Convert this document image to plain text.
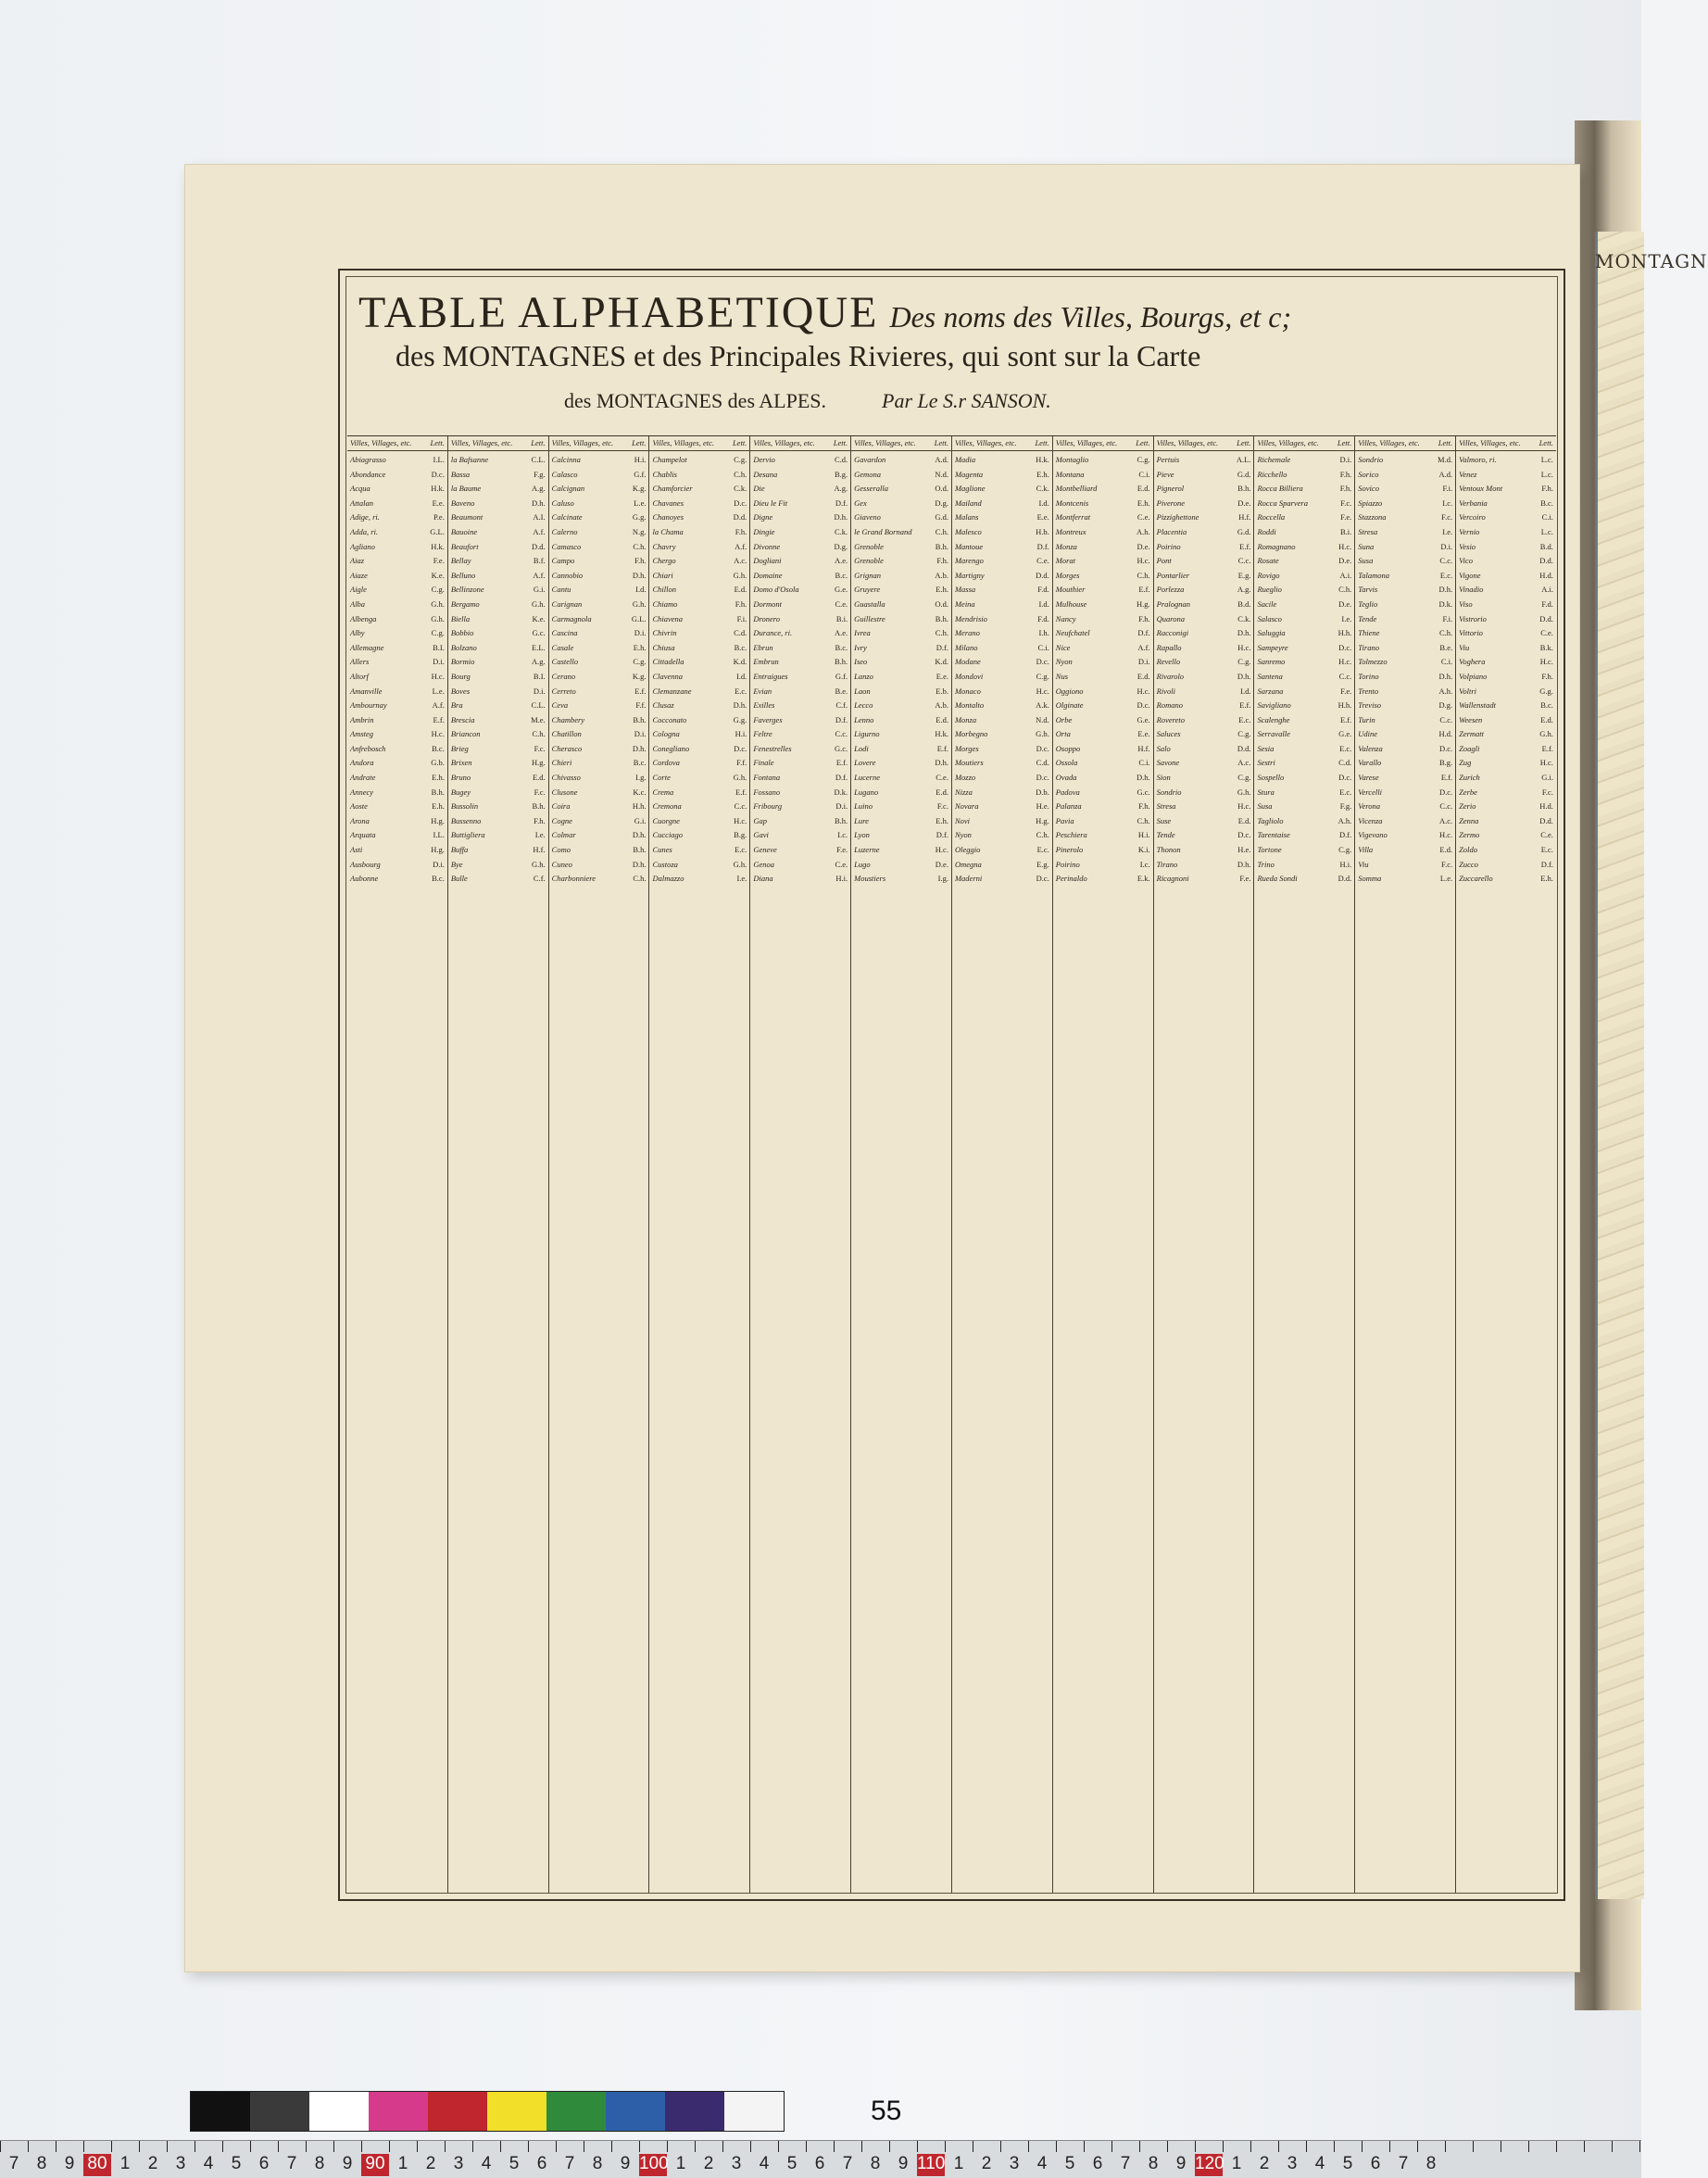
MONTAGN
TABLE ALPHABETIQUE Des noms des Villes, Bourgs, et c;
des MONTAGNES et des Principales Rivieres, qui sont sur la Carte
des MONTAGNES des ALPES.	Par Le S.r SANSON.
Villes, Villages, etc. Lett.
Abiagrasso	I.L.
Abondance	D.c.
Acqua	H.k.
Attalan	E.e.
Adige, ri.	P.e.
Adda, ri.	G.L.
Agliano	H.k.
Aiaz	F.e.
Aiaze	K.e.
Aigle	C.g.
Alba	G.h.
Albenga	G.h.
Alby	C.g.
Allemagne	B.I.
Allers	D.i.
Altorf	H.c.
Amanville	L.e.
Ambournay	A.f.
Ambrin	E.f.
Amsteg	H.c.
Anfrebosch	B.c.
Andora	G.b.
Andrate	E.h.
Annecy	B.h.
Aoste	E.h.
Arona	H.g.
Arquata	I.L.
Asti	H.g.
Ausbourg	D.i.
Aubonne	B.c.
Villes, Villages, etc. Lett.
la Bafsanne	C.L.
Bassa	F.g.
la Baume	A.g.
Baveno	D.h.
Beaumont	A.I.
Bauoine	A.f.
Beaufort	D.d.
Bellay	B.f.
Belluno	A.f.
Bellinzone	G.i.
Bergamo	G.h.
Biella	K.e.
Bobbio	G.c.
Bolzano	E.L.
Bormio	A.g.
Bourg	B.I.
Boves	D.i.
Bra	C.L.
Brescia	M.e.
Briancon	C.h.
Brieg	F.c.
Brixen	H.g.
Bruno	E.d.
Bugey	F.c.
Bussolin	B.h.
Bussenno	F.h.
Buttigliera	I.e.
Buffa	H.f.
Bye	G.h.
Bulle	C.f.
Villes, Villages, etc. Lett.
Calcinna	H.i.
Calasco	G.f.
Calcignan	K.g.
Caluso	L.e.
Calcinate	G.g.
Calerno	N.g.
Camasco	C.h.
Campo	F.h.
Cannobio	D.h.
Cantu	I.d.
Carignan	G.h.
Carmagnola	G.L.
Cascina	D.i.
Casale	E.h.
Castello	C.g.
Cerano	K.g.
Cerreto	E.f.
Ceva	F.f.
Chambery	B.h.
Chatillon	D.i.
Cherasco	D.h.
Chieri	B.c.
Chivasso	I.g.
Clusone	K.c.
Coira	H.h.
Cogne	G.i.
Colmar	D.h.
Como	B.h.
Cuneo	D.h.
Charbonniere	C.h.
Villes, Villages, etc. Lett.
Champelot	C.g.
Chablis	C.h.
Chamforcier	C.k.
Chavanes	D.c.
Chanoyes	D.d.
la Chama	F.h.
Chavry	A.f.
Chergo	A.c.
Chiari	G.h.
Chillon	E.d.
Chiamo	F.h.
Chiavena	F.i.
Chivrin	C.d.
Chiusa	B.c.
Cittadella	K.d.
Clavenna	I.d.
Clemanzane	E.c.
Clusaz	D.h.
Cocconato	G.g.
Cologna	H.i.
Conegliano	D.c.
Cordova	F.f.
Corte	G.h.
Crema	E.f.
Cremona	C.c.
Cuorgne	H.c.
Cucciago	B.g.
Cunes	E.c.
Custoza	G.h.
Dalmazzo	I.e.
Villes, Villages, etc. Lett.
Dervio	C.d.
Desana	B.g.
Die	A.g.
Dieu le Fit	D.f.
Digne	D.h.
Dingie	C.k.
Divonne	D.g.
Dogliani	A.e.
Domaine	B.c.
Domo d'Osola	G.e.
Dormont	C.e.
Dronero	B.i.
Durance, ri.	A.e.
Ebrun	B.c.
Embrun	B.h.
Entraigues	G.f.
Evian	B.e.
Exilles	C.f.
Faverges	D.f.
Feltre	C.c.
Fenestrelles	G.c.
Finale	E.f.
Fontana	D.f.
Fossano	D.k.
Fribourg	D.i.
Gap	B.h.
Gavi	I.c.
Geneve	F.e.
Genoa	C.e.
Diana	H.i.
Villes, Villages, etc. Lett.
Gavardon	A.d.
Gemona	N.d.
Gesseralla	O.d.
Gex	D.g.
Giaveno	G.d.
le Grand Bornand	C.h.
Grenoble	B.h.
Grenoble	F.h.
Grignan	A.b.
Gruyere	E.h.
Guastalla	O.d.
Guillestre	B.h.
Ivrea	C.h.
Ivry	D.f.
Iseo	K.d.
Lanzo	E.e.
Laon	E.b.
Lecco	A.b.
Lenno	E.d.
Ligurno	H.k.
Lodi	E.f.
Lovere	D.h.
Lucerne	C.e.
Lugano	E.d.
Luino	F.c.
Lure	E.h.
Lyon	D.f.
Luzerne	H.c.
Lugo	D.e.
Moustiers	I.g.
Villes, Villages, etc. Lett.
Madia	H.k.
Magenta	E.h.
Maglione	C.k.
Mailand	I.d.
Malans	E.e.
Malesco	H.b.
Mantoue	D.f.
Marengo	C.e.
Martigny	D.d.
Massa	F.d.
Meina	I.d.
Mendrisio	F.d.
Merano	I.h.
Milano	C.i.
Modane	D.c.
Mondovi	C.g.
Monaco	H.c.
Montalto	A.k.
Monza	N.d.
Morbegno	G.b.
Morges	D.c.
Moutiers	C.d.
Mozzo	D.c.
Nizza	D.b.
Novara	H.e.
Novi	H.g.
Nyon	C.h.
Oleggio	E.c.
Omegna	E.g.
Maderni	D.c.
Villes, Villages, etc. Lett.
Montaglio	C.g.
Montana	C.i.
Montbelliard	E.d.
Montcenis	E.h.
Montferrat	C.e.
Montreux	A.h.
Monza	D.e.
Morat	H.c.
Morges	C.h.
Mouthier	E.f.
Mulhouse	H.g.
Nancy	F.h.
Neufchatel	D.f.
Nice	A.f.
Nyon	D.i.
Nus	E.d.
Oggiono	H.c.
Olginate	D.c.
Orbe	G.e.
Orta	E.e.
Osoppo	H.f.
Ossola	C.i.
Ovada	D.h.
Padova	G.c.
Palanza	F.h.
Pavia	C.h.
Peschiera	H.i.
Pinerolo	K.i.
Poirino	I.c.
Perinaldo	E.k.
Villes, Villages, etc. Lett.
Pertuis	A.L.
Pieve	G.d.
Pignerol	B.h.
Piverone	D.e.
Pizzighettone	H.f.
Placentia	G.d.
Poirino	E.f.
Pont	C.c.
Pontarlier	E.g.
Porlezza	A.g.
Pralognan	B.d.
Quarona	C.k.
Racconigi	D.h.
Rapallo	H.c.
Revello	C.g.
Rivarolo	D.h.
Rivoli	I.d.
Romano	E.f.
Rovereto	E.c.
Saluces	C.g.
Salo	D.d.
Savone	A.c.
Sion	C.g.
Sondrio	G.h.
Stresa	H.c.
Suse	E.d.
Tende	D.c.
Thonon	H.e.
Tirano	D.h.
Ricagnoni	F.e.
Villes, Villages, etc. Lett.
Richemale	D.i.
Ricchello	F.h.
Rocca Billiera	F.h.
Rocca Sparvera	F.c.
Roccella	F.e.
Roddi	B.i.
Romagnano	H.c.
Rosate	D.e.
Rovigo	A.i.
Rueglio	C.h.
Sacile	D.e.
Salasco	I.e.
Saluggia	H.h.
Sampeyre	D.c.
Sanremo	H.c.
Santena	C.c.
Sarzana	F.e.
Savigliano	H.h.
Scalenghe	E.f.
Serravalle	G.e.
Sesia	E.c.
Sestri	C.d.
Sospello	D.c.
Stura	E.c.
Susa	F.g.
Tagliolo	A.h.
Tarentaise	D.f.
Tortone	C.g.
Trino	H.i.
Rueda Sondi	D.d.
Villes, Villages, etc. Lett.
Sondrio	M.d.
Sorico	A.d.
Sovico	F.i.
Spiazzo	I.c.
Stazzona	F.c.
Stresa	I.e.
Suna	D.i.
Susa	C.c.
Talamona	E.c.
Tarvis	D.h.
Teglio	D.k.
Tende	F.i.
Thiene	C.h.
Tirano	B.e.
Tolmezzo	C.i.
Torino	D.h.
Trento	A.h.
Treviso	D.g.
Turin	C.c.
Udine	H.d.
Valenza	D.c.
Varallo	B.g.
Varese	E.f.
Vercelli	D.c.
Verona	C.c.
Vicenza	A.c.
Vigevano	H.c.
Villa	E.d.
Viu	F.c.
Somma	L.e.
Villes, Villages, etc. Lett.
Valmoro, ri.	L.c.
Venez	L.c.
Ventoux Mont	F.h.
Verbania	B.c.
Vercoiro	C.i.
Vernio	L.c.
Vesio	B.d.
Vico	D.d.
Vigone	H.d.
Vinadio	A.i.
Viso	F.d.
Vistrorio	D.d.
Vittorio	C.e.
Viu	B.k.
Voghera	H.c.
Volpiano	F.h.
Voltri	G.g.
Wallenstadt	B.c.
Weesen	E.d.
Zermatt	G.h.
Zoagli	E.f.
Zug	H.c.
Zurich	G.i.
Zerbe	F.c.
Zerio	H.d.
Zenna	D.d.
Zermo	C.e.
Zoldo	E.c.
Zucco	D.f.
Zuccarello	E.h.
55
7	8	9 80 1	2	3	4	5	6	7	8	9 90 1	2	3	4	5	6	7	8	9 100 1	2	3	4	5	6	7	8	9 110 1	2	3	4	5	6	7	8	9 120 1	2	3	4	5	6	7	8
